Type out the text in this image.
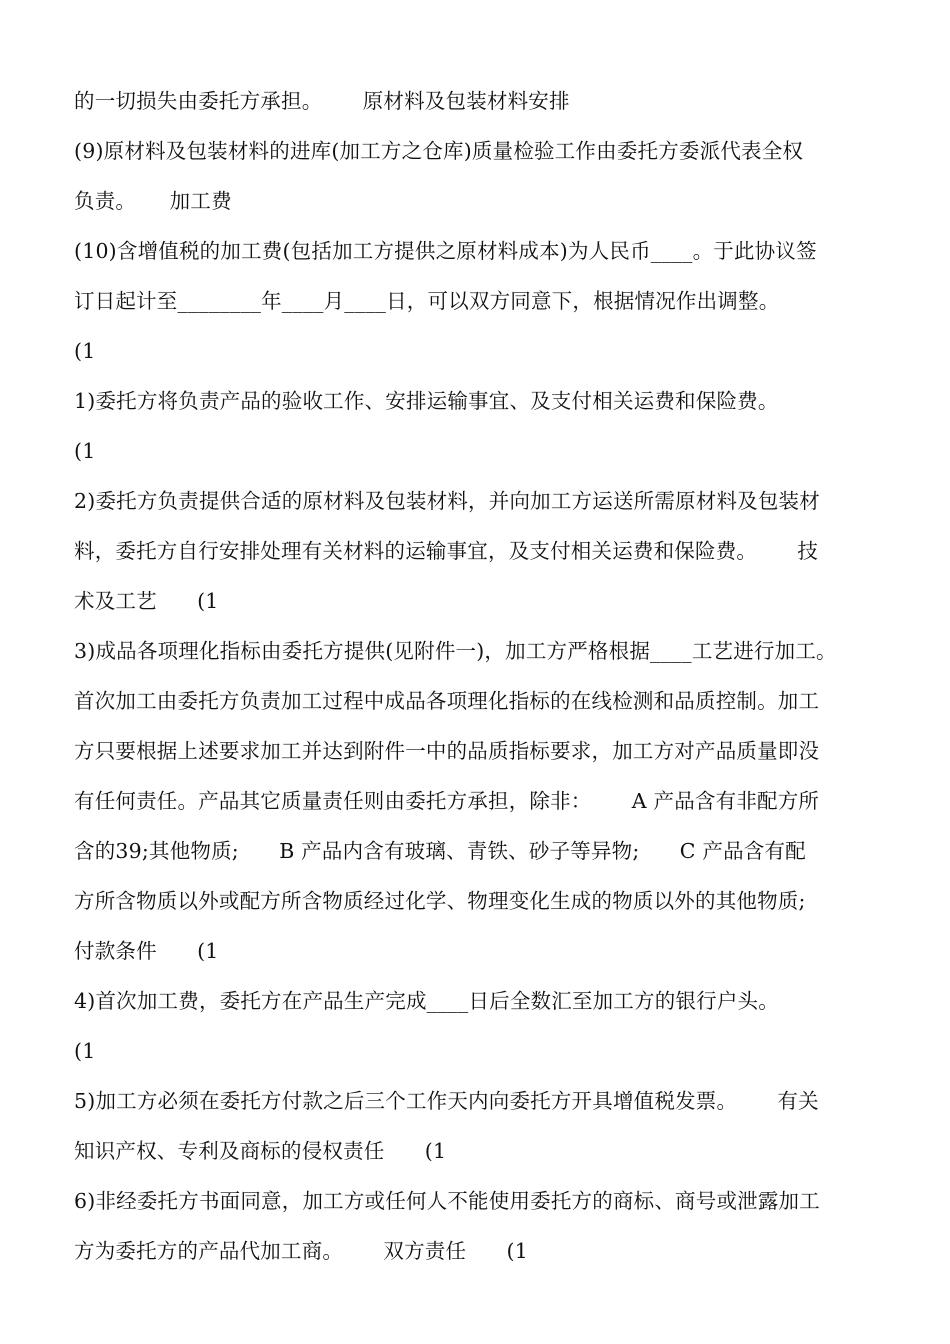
的一切损失由委托方承担。      原材料及包装材料安排
(9)原材料及包装材料的进库(加工方之仓库)质量检验工作由委托方委派代表全权
负责。     加工费
(10)含增值税的加工费(包括加工方提供之原材料成本)为人民币____。于此协议签
订日起计至________年____月____日，可以双方同意下，根据情况作出调整。
(1
1)委托方将负责产品的验收工作、安排运输事宜、及支付相关运费和保险费。
(1
2)委托方负责提供合适的原材料及包装材料，并向加工方运送所需原材料及包装材
料，委托方自行安排处理有关材料的运输事宜，及支付相关运费和保险费。      技
术及工艺      (1
3)成品各项理化指标由委托方提供(见附件一)，加工方严格根据____工艺进行加工。
首次加工由委托方负责加工过程中成品各项理化指标的在线检测和品质控制。加工
方只要根据上述要求加工并达到附件一中的品质指标要求，加工方对产品质量即没
有任何责任。产品其它质量责任则由委托方承担，除非：      A 产品含有非配方所
含的39;其他物质;      B 产品内含有玻璃、青铁、砂子等异物;      C 产品含有配
方所含物质以外或配方所含物质经过化学、物理变化生成的物质以外的其他物质;
付款条件      (1
4)首次加工费，委托方在产品生产完成____日后全数汇至加工方的银行户头。
(1
5)加工方必须在委托方付款之后三个工作天内向委托方开具增值税发票。      有关
知识产权、专利及商标的侵权责任      (1
6)非经委托方书面同意，加工方或任何人不能使用委托方的商标、商号或泄露加工
方为委托方的产品代加工商。      双方责任      (1
